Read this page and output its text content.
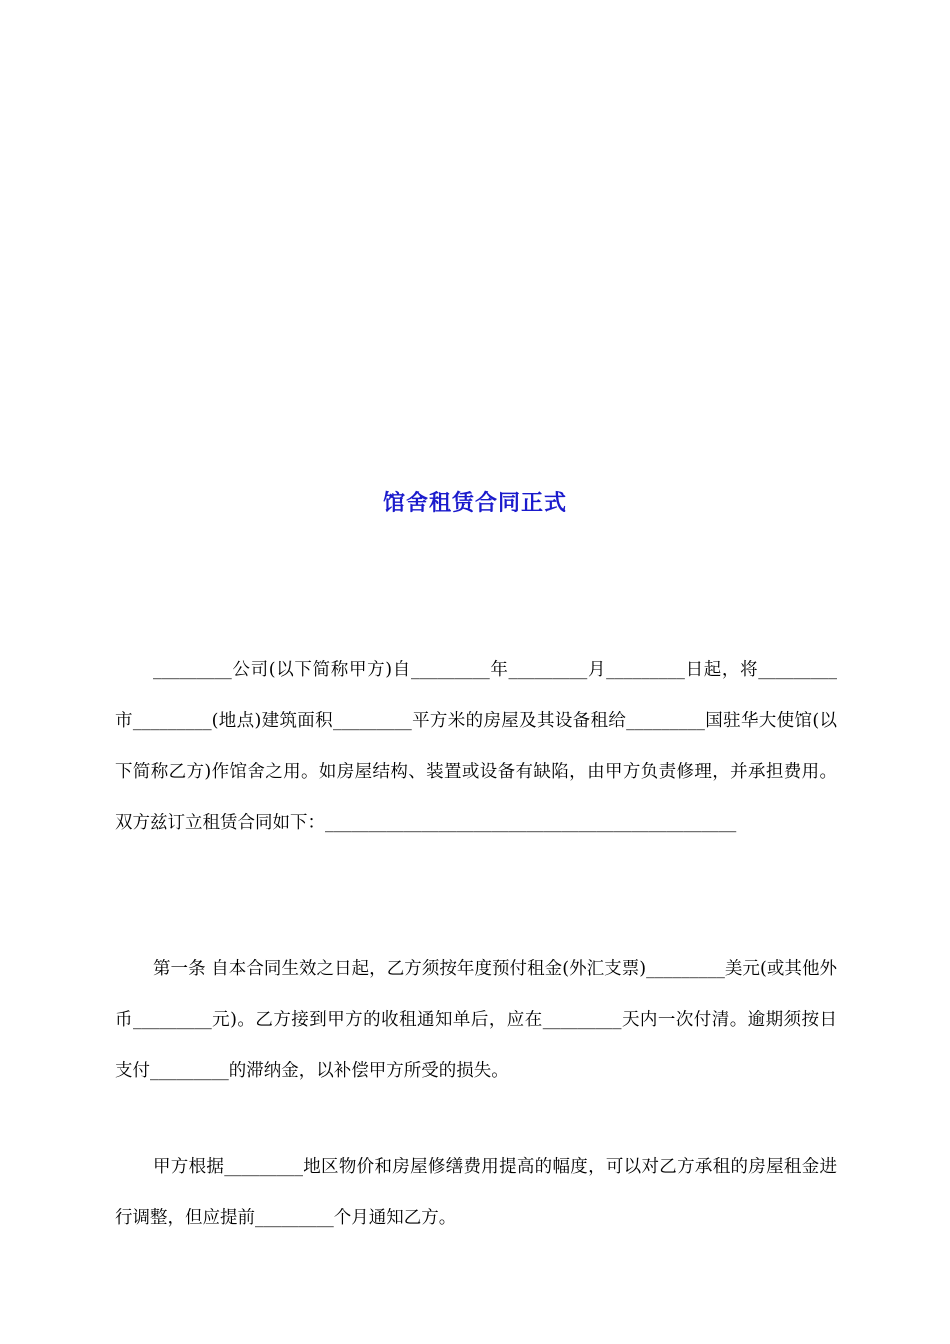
馆舍租赁合同正式
_________公司(以下简称甲方)自_________年_________月_________日起，将_________市_________(地点)建筑面积_________平方米的房屋及其设备租给_________国驻华大使馆(以下简称乙方)作馆舍之用。如房屋结构、装置或设备有缺陷，由甲方负责修理，并承担费用。双方兹订立租赁合同如下：_______________________________________________
第一条 自本合同生效之日起，乙方须按年度预付租金(外汇支票)_________美元(或其他外币_________元)。乙方接到甲方的收租通知单后，应在_________天内一次付清。逾期须按日支付_________的滞纳金，以补偿甲方所受的损失。
甲方根据_________地区物价和房屋修缮费用提高的幅度，可以对乙方承租的房屋租金进行调整，但应提前_________个月通知乙方。
